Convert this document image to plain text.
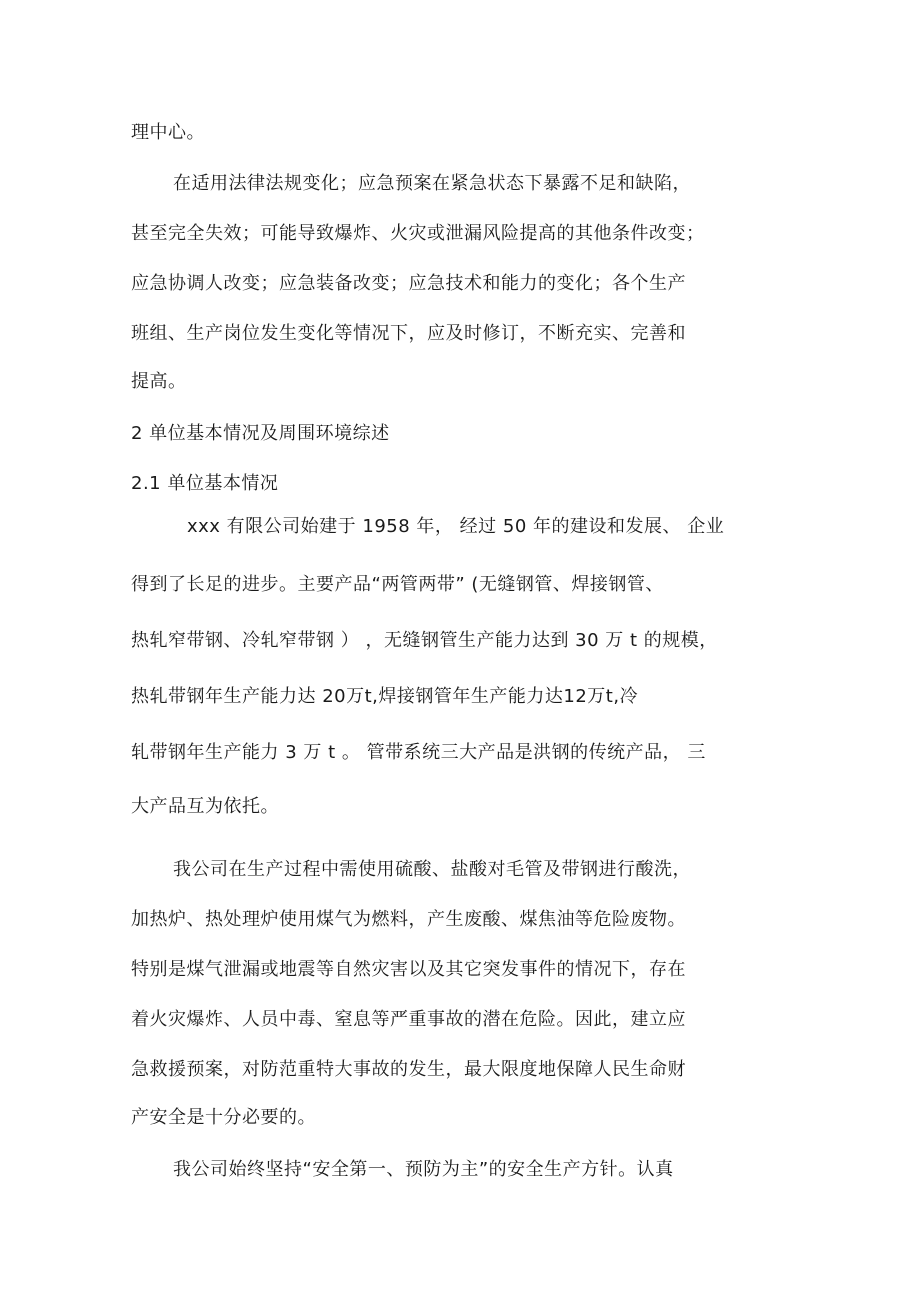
理中心。
在适用法律法规变化；应急预案在紧急状态下暴露不足和缺陷，
甚至完全失效；可能导致爆炸、火灾或泄漏风险提高的其他条件改变；
应急协调人改变；应急装备改变；应急技术和能力的变化；各个生产
班组、生产岗位发生变化等情况下，应及时修订，不断充实、完善和
提高。
2 单位基本情况及周围环境综述
2.1 单位基本情况
xxx 有限公司始建于 1958 年， 经过 50 年的建设和发展、 企业
得到了长足的进步。主要产品“两管两带” (无缝钢管、焊接钢管、
热轧窄带钢、冷轧窄带钢 ） ，无缝钢管生产能力达到 30 万 t 的规模，
热轧带钢年生产能力达 20万t,焊接钢管年生产能力达12万t,冷
轧带钢年生产能力 3 万 t 。 管带系统三大产品是洪钢的传统产品， 三
大产品互为依托。
我公司在生产过程中需使用硫酸、盐酸对毛管及带钢进行酸洗，
加热炉、热处理炉使用煤气为燃料，产生废酸、煤焦油等危险废物。
特别是煤气泄漏或地震等自然灾害以及其它突发事件的情况下，存在
着火灾爆炸、人员中毒、窒息等严重事故的潜在危险。因此，建立应
急救援预案，对防范重特大事故的发生，最大限度地保障人民生命财
产安全是十分必要的。
我公司始终坚持“安全第一、预防为主”的安全生产方针。认真
